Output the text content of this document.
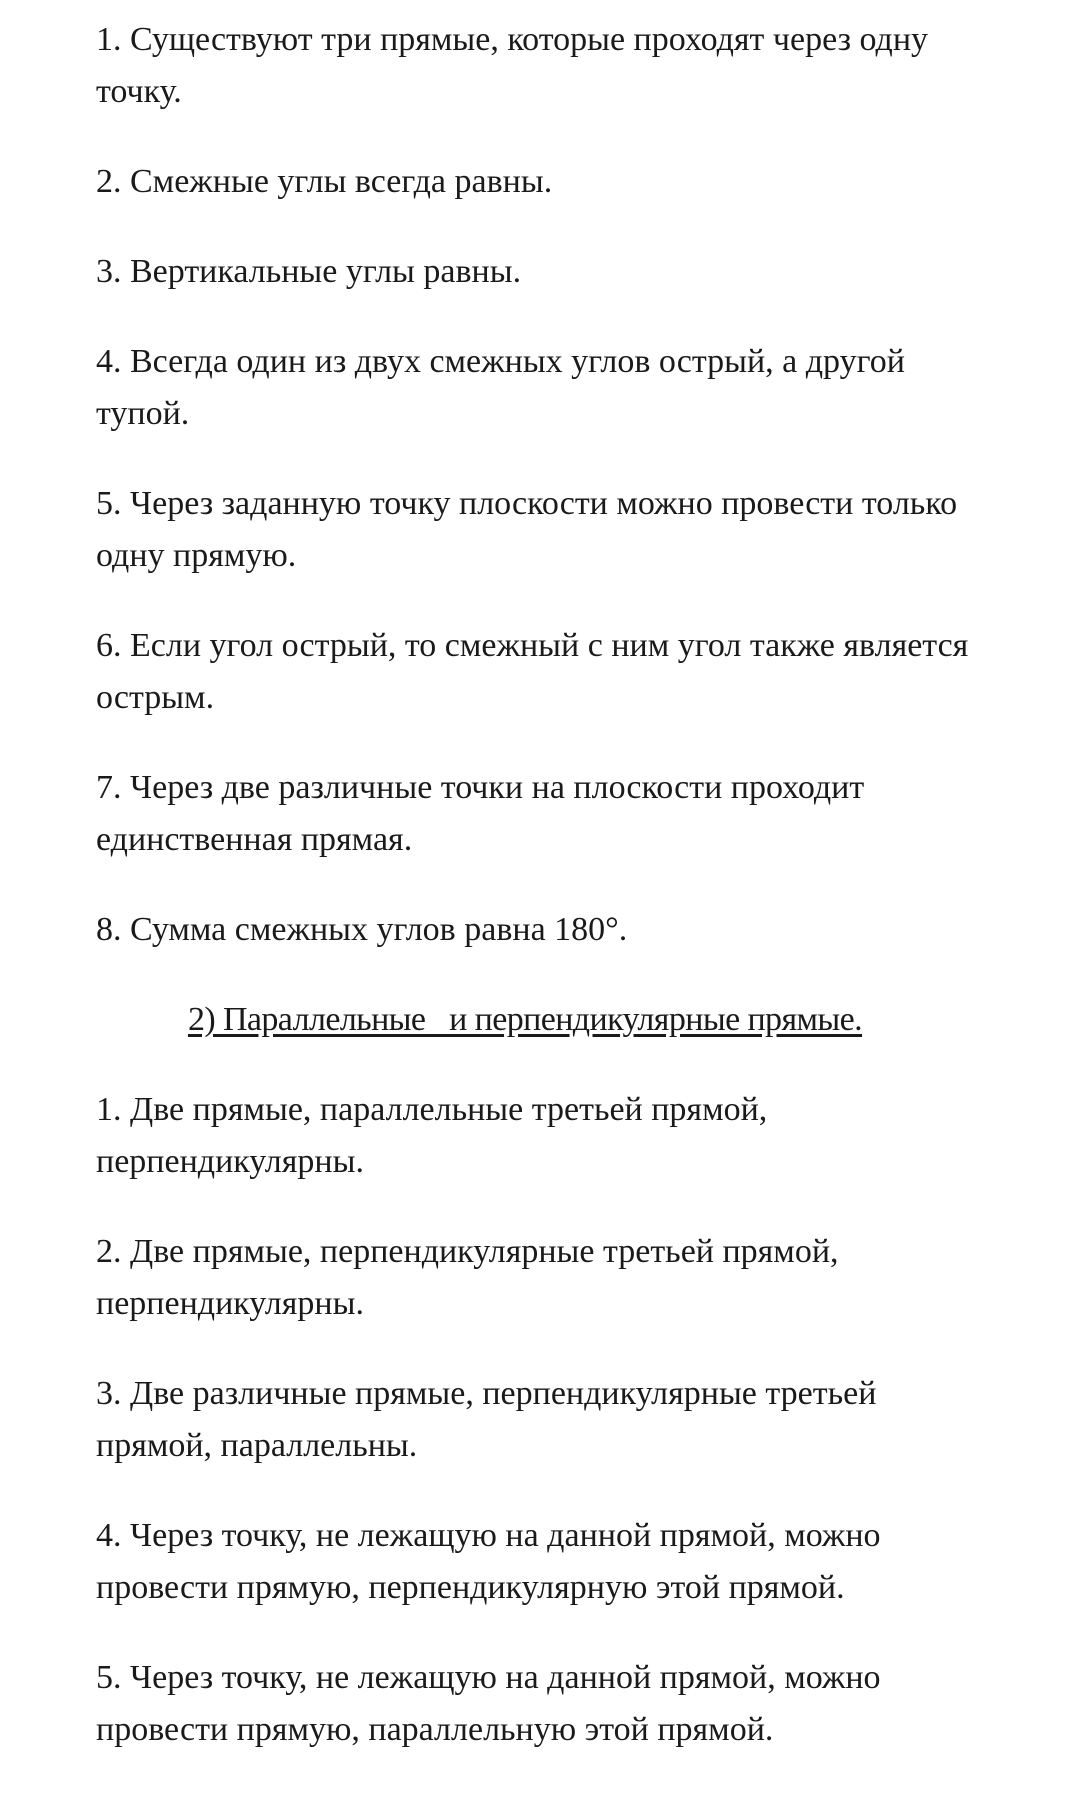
1. Существуют три прямые, которые проходят через одну точку.

2. Смежные углы всегда равны.

3. Вертикальные углы равны.

4. Всегда один из двух смежных углов острый, а другой тупой.

5. Через заданную точку плоскости можно провести только одну прямую.

6. Если угол острый, то смежный с ним угол также является острым.

7. Через две различные точки на плоскости проходит единственная прямая.

8. Сумма смежных углов равна 180°.

2) Параллельные   и перпендикулярные прямые.

1. Две прямые, параллельные третьей прямой, перпендикулярны.

2. Две прямые, перпендикулярные третьей прямой, перпендикулярны.

3. Две различные прямые, перпендикулярные третьей прямой, параллельны.

4. Через точку, не лежащую на данной прямой, можно провести прямую, перпендикулярную этой прямой.

5. Через точку, не лежащую на данной прямой, можно провести прямую, параллельную этой прямой.
